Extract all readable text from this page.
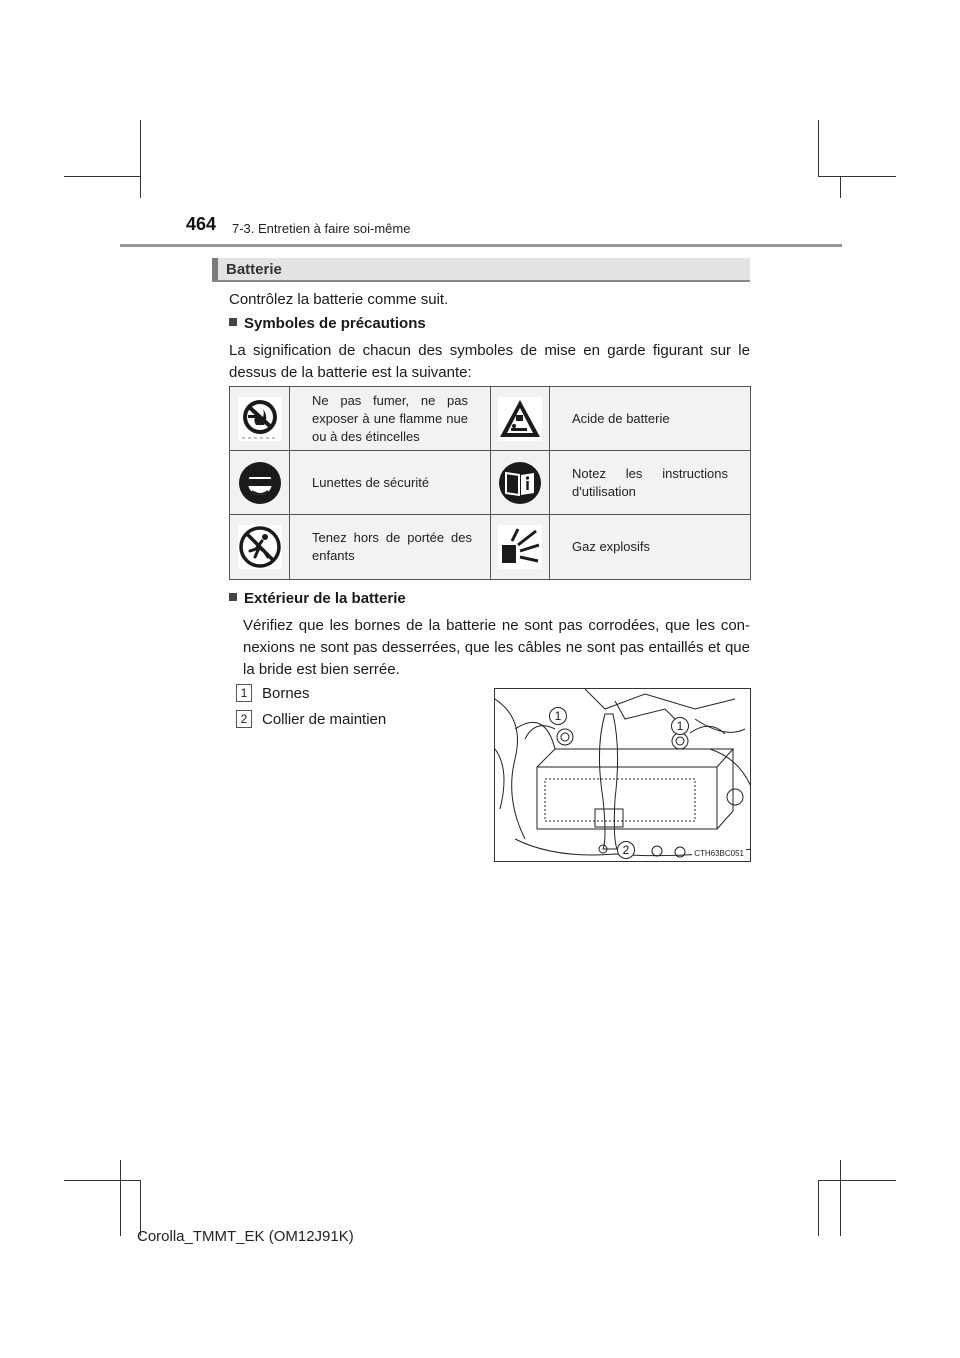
464 7-3. Entretien à faire soi-même
Batterie
Contrôlez la batterie comme suit.
Symboles de précautions
La signification de chacun des symboles de mise en garde figurant sur le dessus de la batterie est la suivante:
Ne pas fumer, ne pas exposer à une flamme nue ou à des étincelles
Acide de batterie
Lunettes de sécurité
Notez les instructions d'utilisation
Tenez hors de portée des enfants
Gaz explosifs
Extérieur de la batterie
Vérifiez que les bornes de la batterie ne sont pas corrodées, que les con-nexions ne sont pas desserrées, que les câbles ne sont pas entaillés et que la bride est bien serrée.
1 Bornes
2 Collier de maintien	1
1
2	CTH63BC051
Corolla_TMMT_EK (OM12J91K)
